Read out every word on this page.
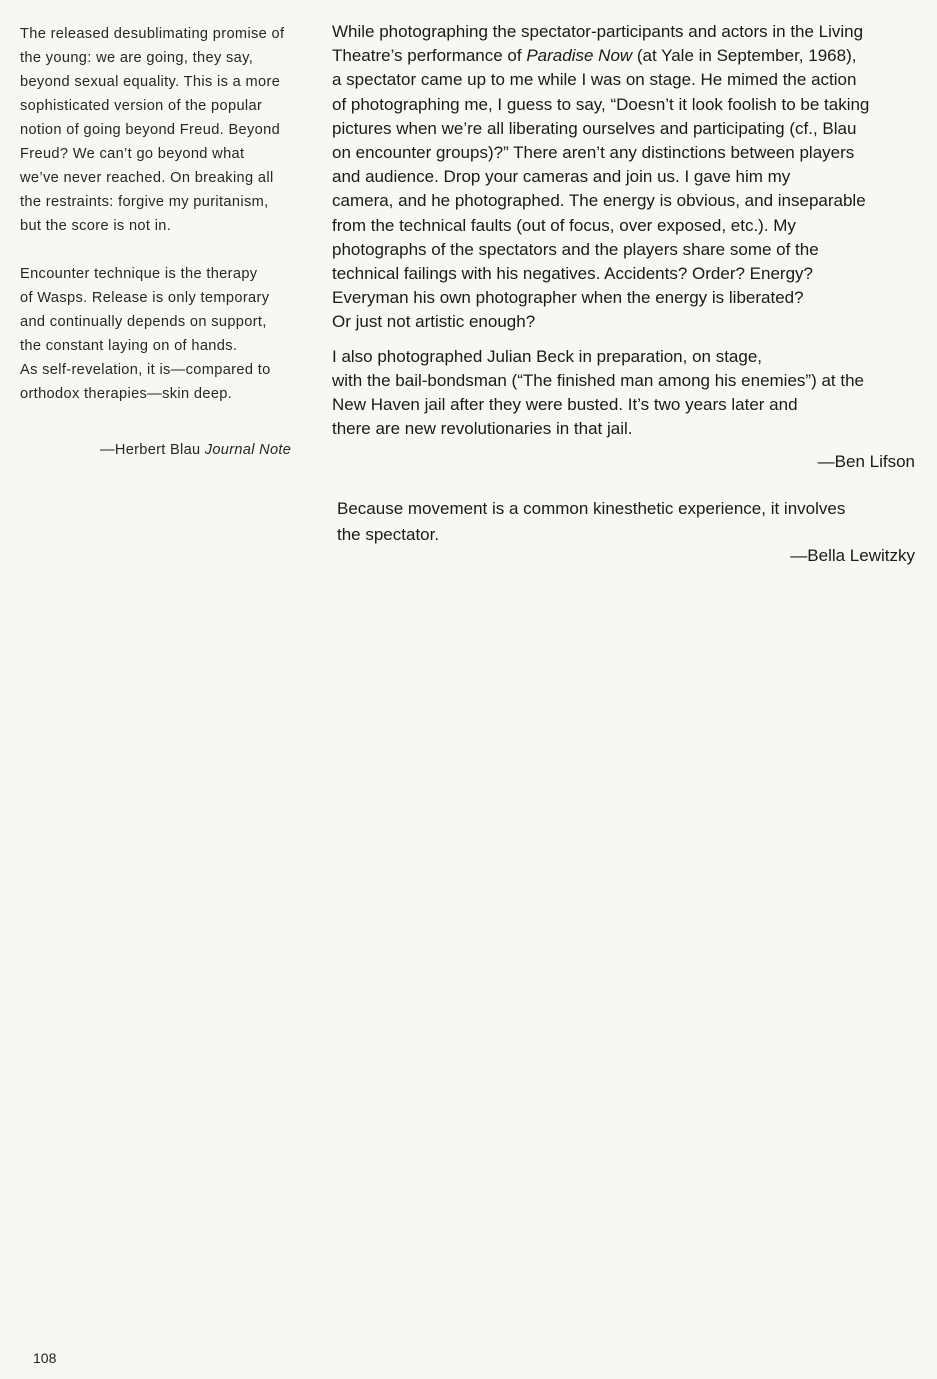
The released desublimating promise of
the young: we are going, they say,
beyond sexual equality. This is a more
sophisticated version of the popular
notion of going beyond Freud. Beyond
Freud? We can’t go beyond what
we’ve never reached. On breaking all
the restraints: forgive my puritanism,
but the score is not in.
Encounter technique is the therapy
of Wasps. Release is only temporary
and continually depends on support,
the constant laying on of hands.
As self-revelation, it is—compared to
orthodox therapies—skin deep.
—Herbert Blau Journal Note
While photographing the spectator-participants and actors in the Living
Theatre’s performance of Paradise Now (at Yale in September, 1968),
a spectator came up to me while I was on stage. He mimed the action
of photographing me, I guess to say, “Doesn’t it look foolish to be taking
pictures when we’re all liberating ourselves and participating (cf., Blau
on encounter groups)?” There aren’t any distinctions between players
and audience. Drop your cameras and join us. I gave him my
camera, and he photographed. The energy is obvious, and inseparable
from the technical faults (out of focus, over exposed, etc.). My
photographs of the spectators and the players share some of the
technical failings with his negatives. Accidents? Order? Energy?
Everyman his own photographer when the energy is liberated?
Or just not artistic enough?
I also photographed Julian Beck in preparation, on stage,
with the bail-bondsman (“The finished man among his enemies”) at the
New Haven jail after they were busted. It’s two years later and
there are new revolutionaries in that jail.
—Ben Lifson
Because movement is a common kinesthetic experience, it involves
the spectator.
—Bella Lewitzky
108
